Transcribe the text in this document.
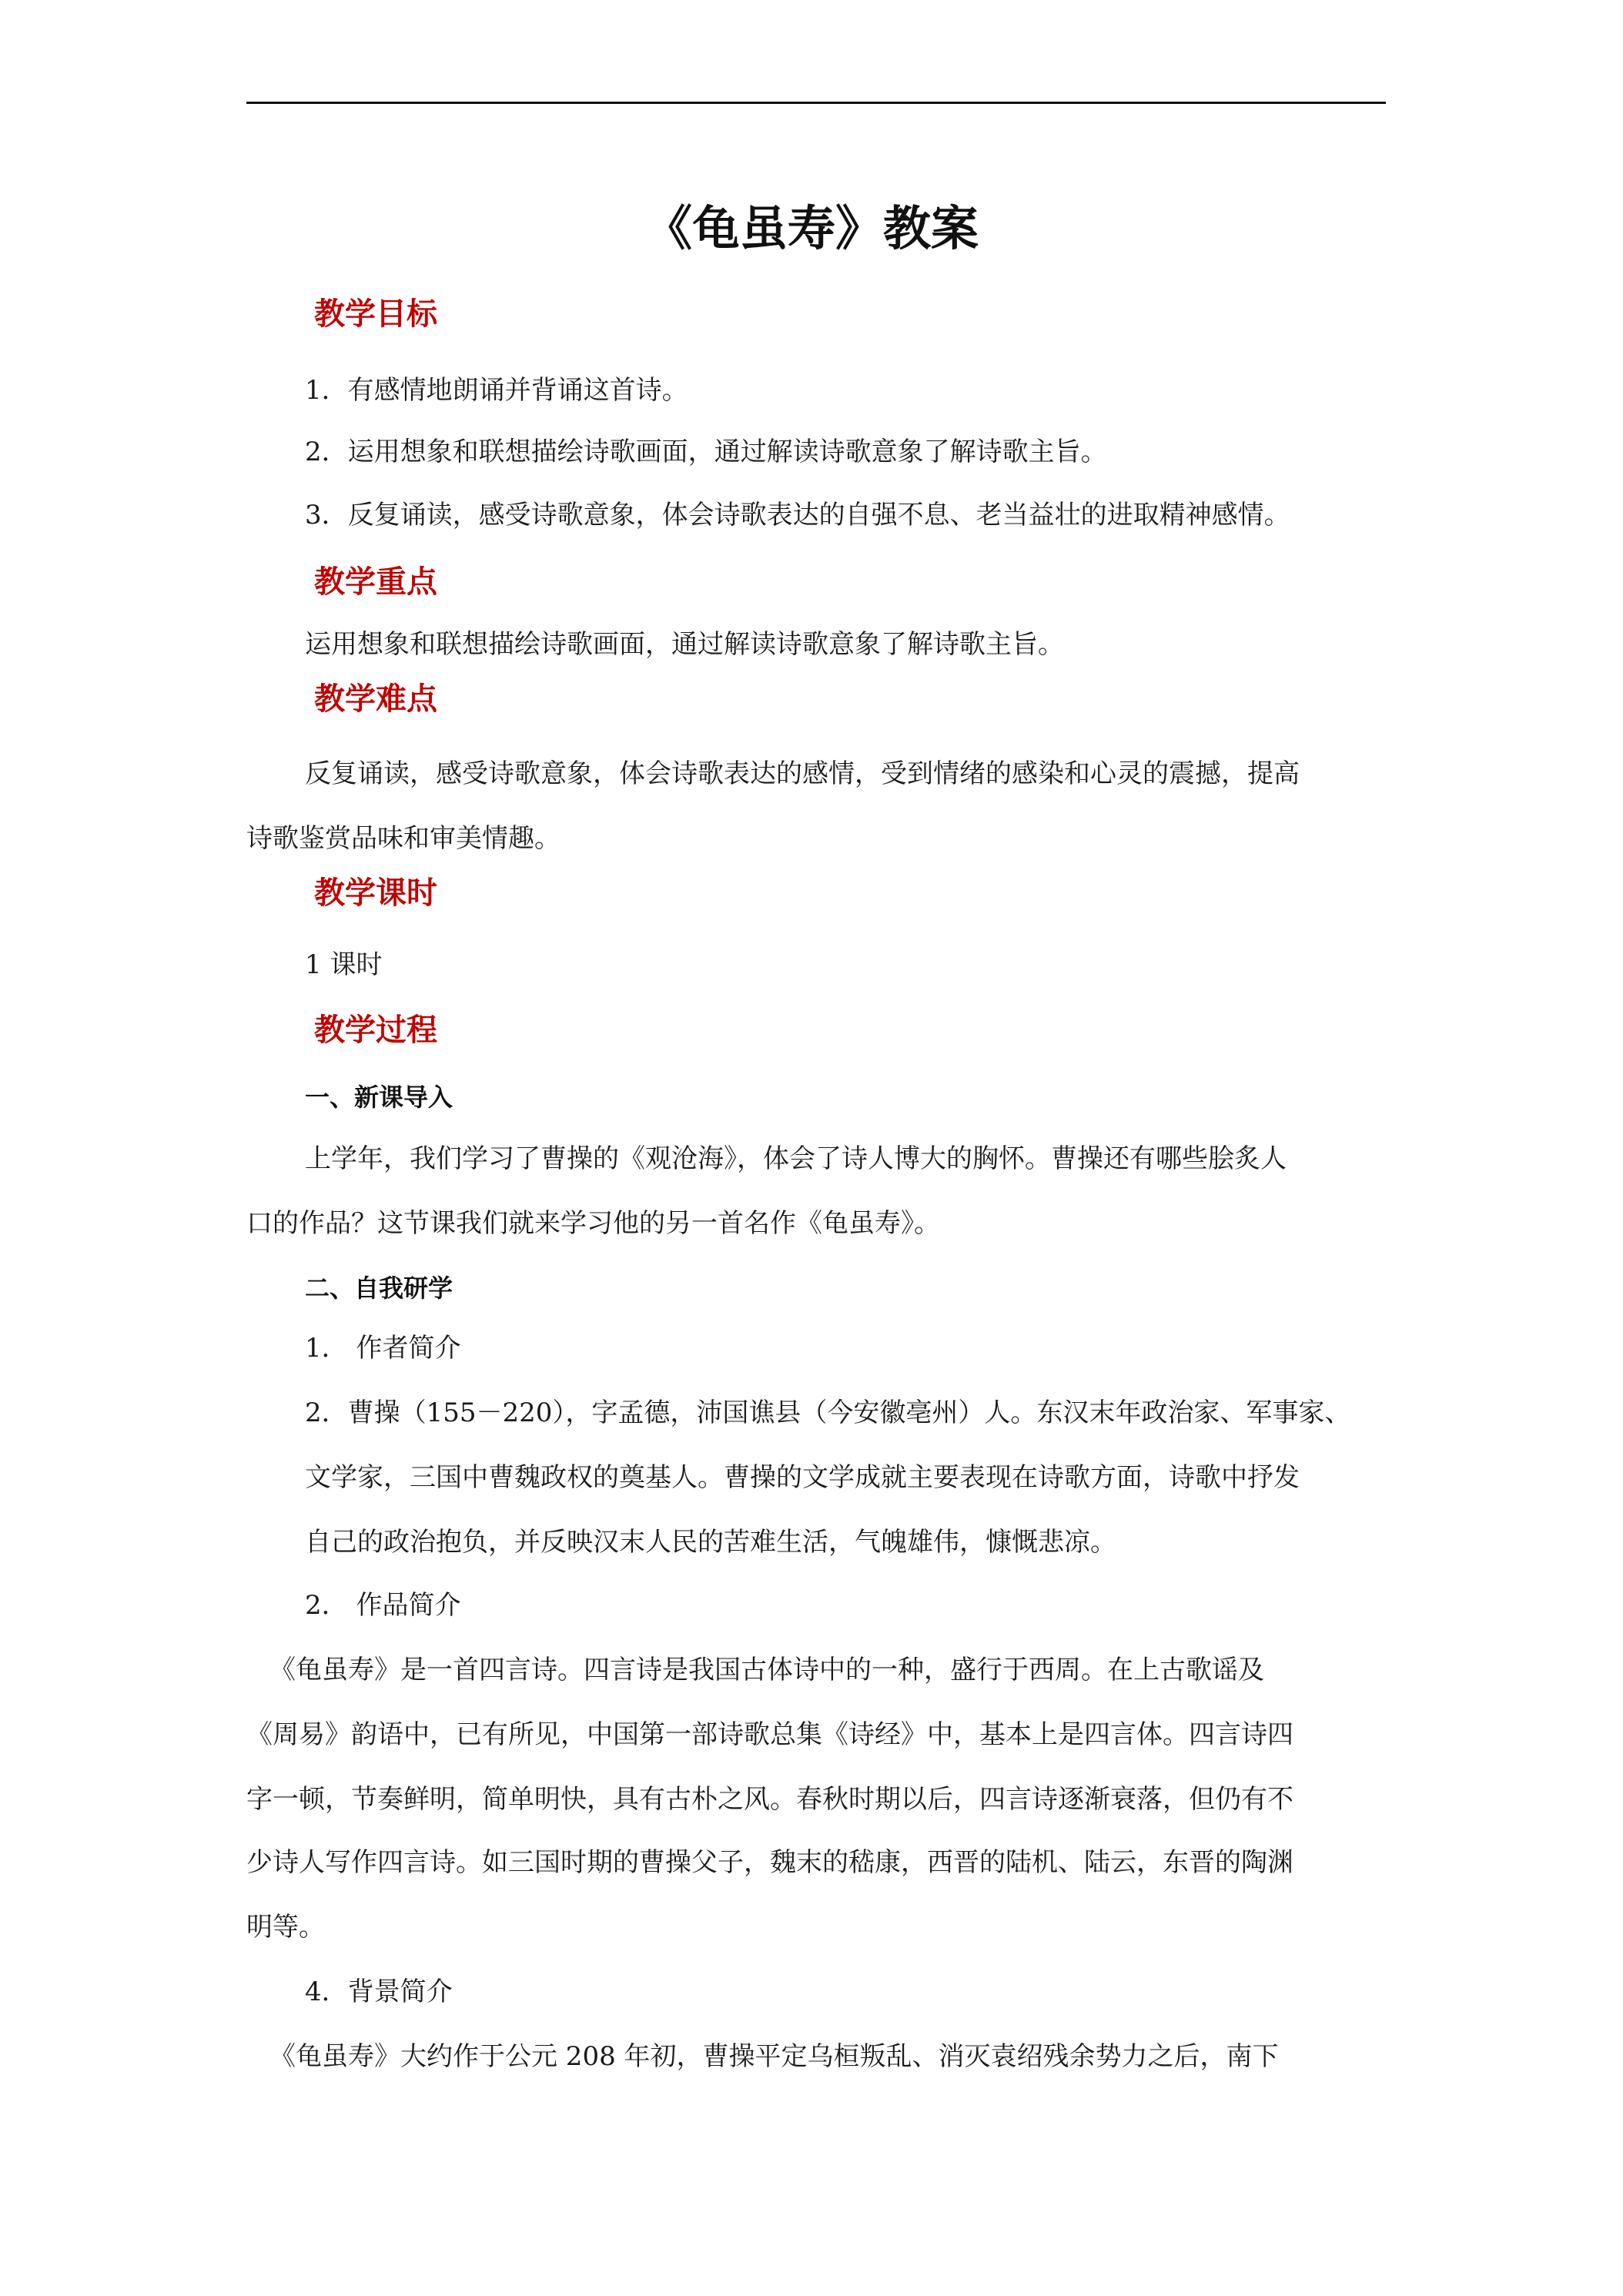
《龟虽寿》教案
教学目标
1．有感情地朗诵并背诵这首诗。
2．运用想象和联想描绘诗歌画面，通过解读诗歌意象了解诗歌主旨。
3．反复诵读，感受诗歌意象，体会诗歌表达的自强不息、老当益壮的进取精神感情。
教学重点
运用想象和联想描绘诗歌画面，通过解读诗歌意象了解诗歌主旨。
教学难点
反复诵读，感受诗歌意象，体会诗歌表达的感情，受到情绪的感染和心灵的震撼，提高
诗歌鉴赏品味和审美情趣。
教学课时
1 课时
教学过程
一、新课导入
上学年，我们学习了曹操的《观沧海》，体会了诗人博大的胸怀。曹操还有哪些脍炙人
口的作品？这节课我们就来学习他的另一首名作《龟虽寿》。
二、自我研学
1． 作者简介
2．曹操（155－220），字孟德，沛国谯县（今安徽亳州）人。东汉末年政治家、军事家、
文学家，三国中曹魏政权的奠基人。曹操的文学成就主要表现在诗歌方面，诗歌中抒发
自己的政治抱负，并反映汉末人民的苦难生活，气魄雄伟，慷慨悲凉。
2． 作品简介
《龟虽寿》是一首四言诗。四言诗是我国古体诗中的一种，盛行于西周。在上古歌谣及
《周易》韵语中，已有所见，中国第一部诗歌总集《诗经》中，基本上是四言体。四言诗四
字一顿，节奏鲜明，简单明快，具有古朴之风。春秋时期以后，四言诗逐渐衰落，但仍有不
少诗人写作四言诗。如三国时期的曹操父子，魏末的嵇康，西晋的陆机、陆云，东晋的陶渊
明等。
4．背景简介
《龟虽寿》大约作于公元 208 年初，曹操平定乌桓叛乱、消灭袁绍残余势力之后，南下
